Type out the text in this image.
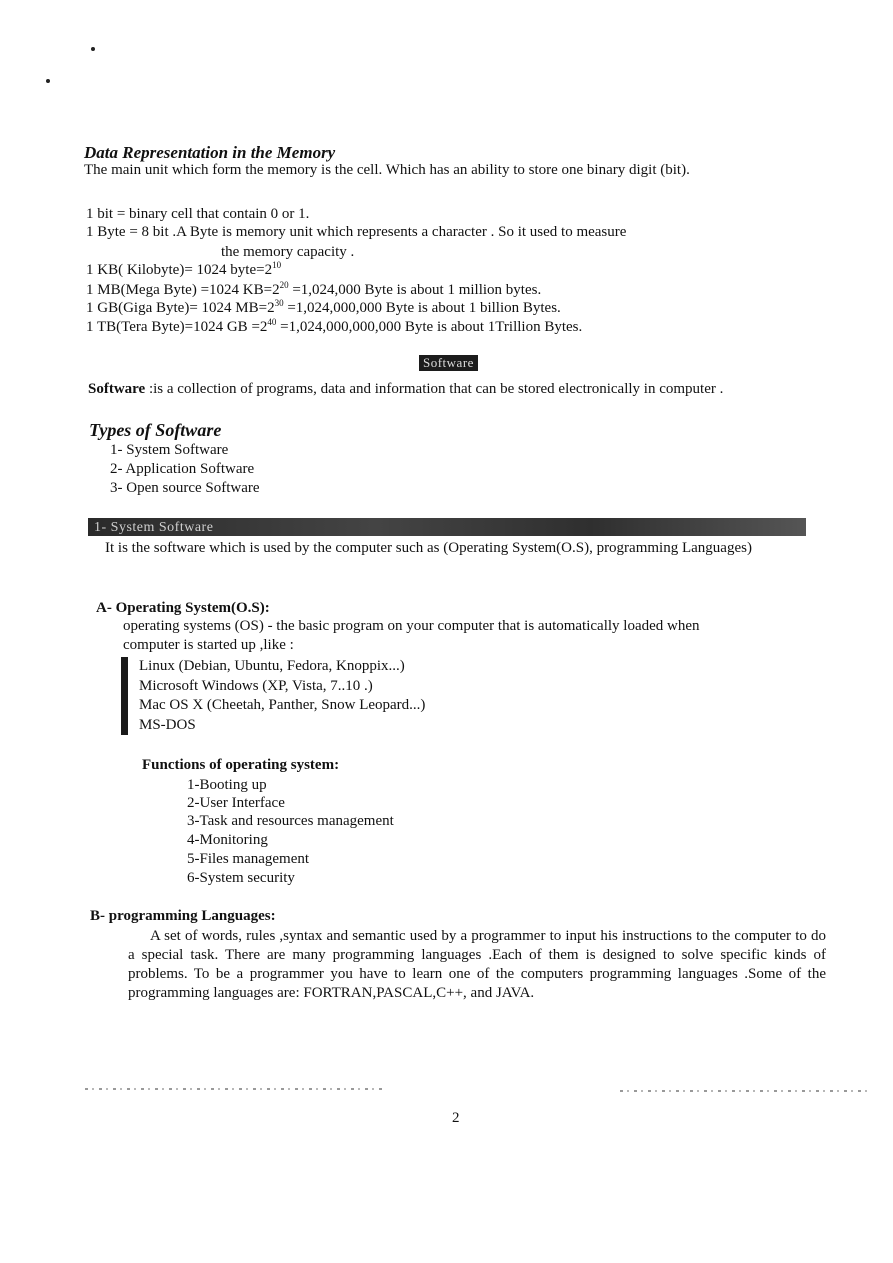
Data Representation in the Memory
The main unit which form the memory is the cell. Which has an ability to store one binary digit (bit).
1 bit = binary cell that contain 0 or 1.
1 Byte = 8 bit .A Byte is memory unit which represents a character . So it used to measure
the memory capacity .
1 KB( Kilobyte)= 1024 $byte=2^{10}$
1 MB(Mega Byte) =1024 $KB=2^{20} =1,024,000$ Byte is about 1 million bytes.
1 GB(Giga Byte)= 1024 $MB=2^{30} =1,024,000,000$ Byte is about 1 billion Bytes.
1 TB(Tera Byte)=1024 GB $=2^{40} =1,024,000,000,000$ Byte is about 1Trillion Bytes.
Software
Software :is a collection of programs, data and information that can be stored electronically in computer .
Types of Software
1- System Software
2- Application Software
3- Open source Software
1- System Software
It is the software which is used by the computer such as (Operating System(O.S), programming Languages)
A- Operating System(O.S):
operating systems (OS) - the basic program on your computer that is automatically loaded when
computer is started up ,like :
Linux (Debian, Ubuntu, Fedora, Knoppix...)
Microsoft Windows (XP, Vista, 7..10 .)
Mac OS X (Cheetah, Panther, Snow Leopard...)
MS-DOS
Functions of operating system:
1-Booting up
2-User Interface
3-Task and resources management
4-Monitoring
5-Files management
6-System security
B- programming Languages:
A set of words, rules ,syntax and semantic used by a programmer to input his instructions to the computer to do a special task. There are many programming languages .Each of them is designed to solve specific kinds of problems. To be a programmer you have to learn one of the computers programming languages .Some of the programming languages are: FORTRAN,PASCAL,C++, and JAVA.
2
